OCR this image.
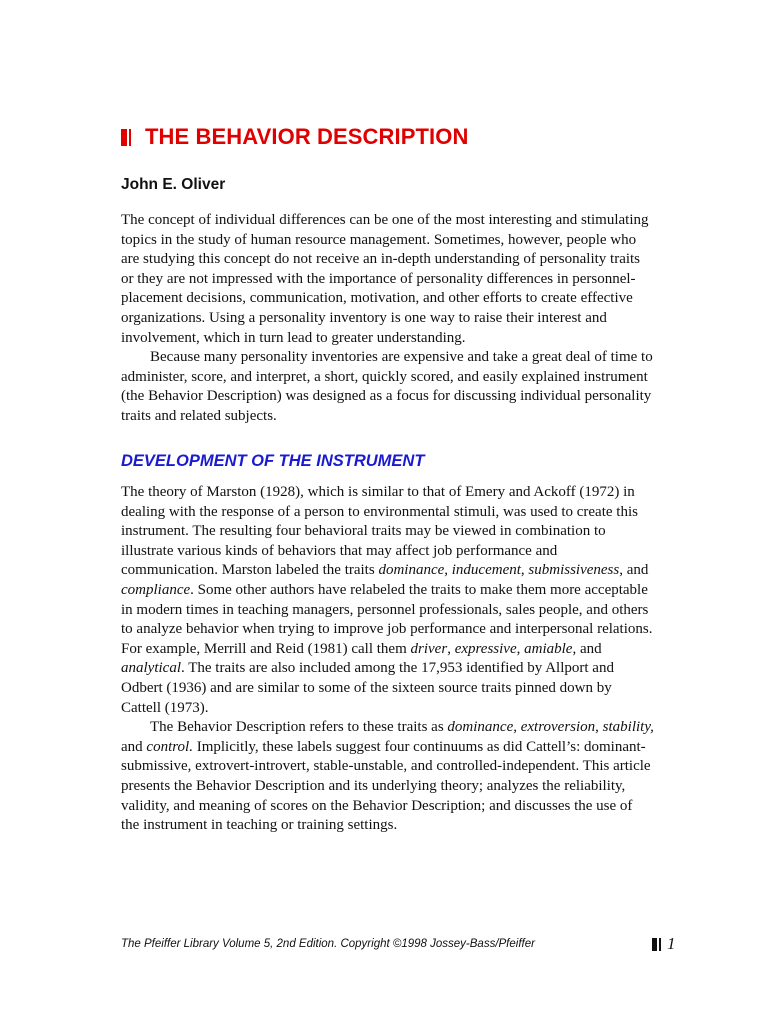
THE BEHAVIOR DESCRIPTION
John E. Oliver

The concept of individual differences can be one of the most interesting and stimulating
topics in the study of human resource management. Sometimes, however, people who
are studying this concept do not receive an in-depth understanding of personality traits
or they are not impressed with the importance of personality differences in personnel-
placement decisions, communication, motivation, and other efforts to create effective
organizations. Using a personality inventory is one way to raise their interest and
involvement, which in turn lead to greater understanding.

Because many personality inventories are expensive and take a great deal of time to
administer, score, and interpret, a short, quickly scored, and easily explained instrument
(the Behavior Description) was designed as a focus for discussing individual personality
traits and related subjects.

DEVELOPMENT OF THE INSTRUMENT

The theory of Marston (1928), which is similar to that of Emery and Ackoff (1972) in
dealing with the response of a person to environmental stimuli, was used to create this
instrument. The resulting four behavioral traits may be viewed in combination to
illustrate various kinds of behaviors that may affect job performance and
communication. Marston labeled the traits dominance, inducement, submissiveness, and
compliance. Some other authors have relabeled the traits to make them more acceptable
in modern times in teaching managers, personnel professionals, sales people, and others
to analyze behavior when trying to improve job performance and interpersonal relations.
For example, Merrill and Reid (1981) call them driver, expressive, amiable, and
analytical. The traits are also included among the 17,953 identified by Allport and
Odbert (1936) and are similar to some of the sixteen source traits pinned down by
Cattell (1973).

The Behavior Description refers to these traits as dominance, extroversion, stability,
and control. Implicitly, these labels suggest four continuums as did Cattell’s: dominant-
submissive, extrovert-introvert, stable-unstable, and controlled-independent. This article
presents the Behavior Description and its underlying theory; analyzes the reliability,
validity, and meaning of scores on the Behavior Description; and discusses the use of
the instrument in teaching or training settings.

The Pfeiffer Library Volume 5, 2nd Edition. Copyright ©1998 Jossey-Bass/Pfeiffer	1
